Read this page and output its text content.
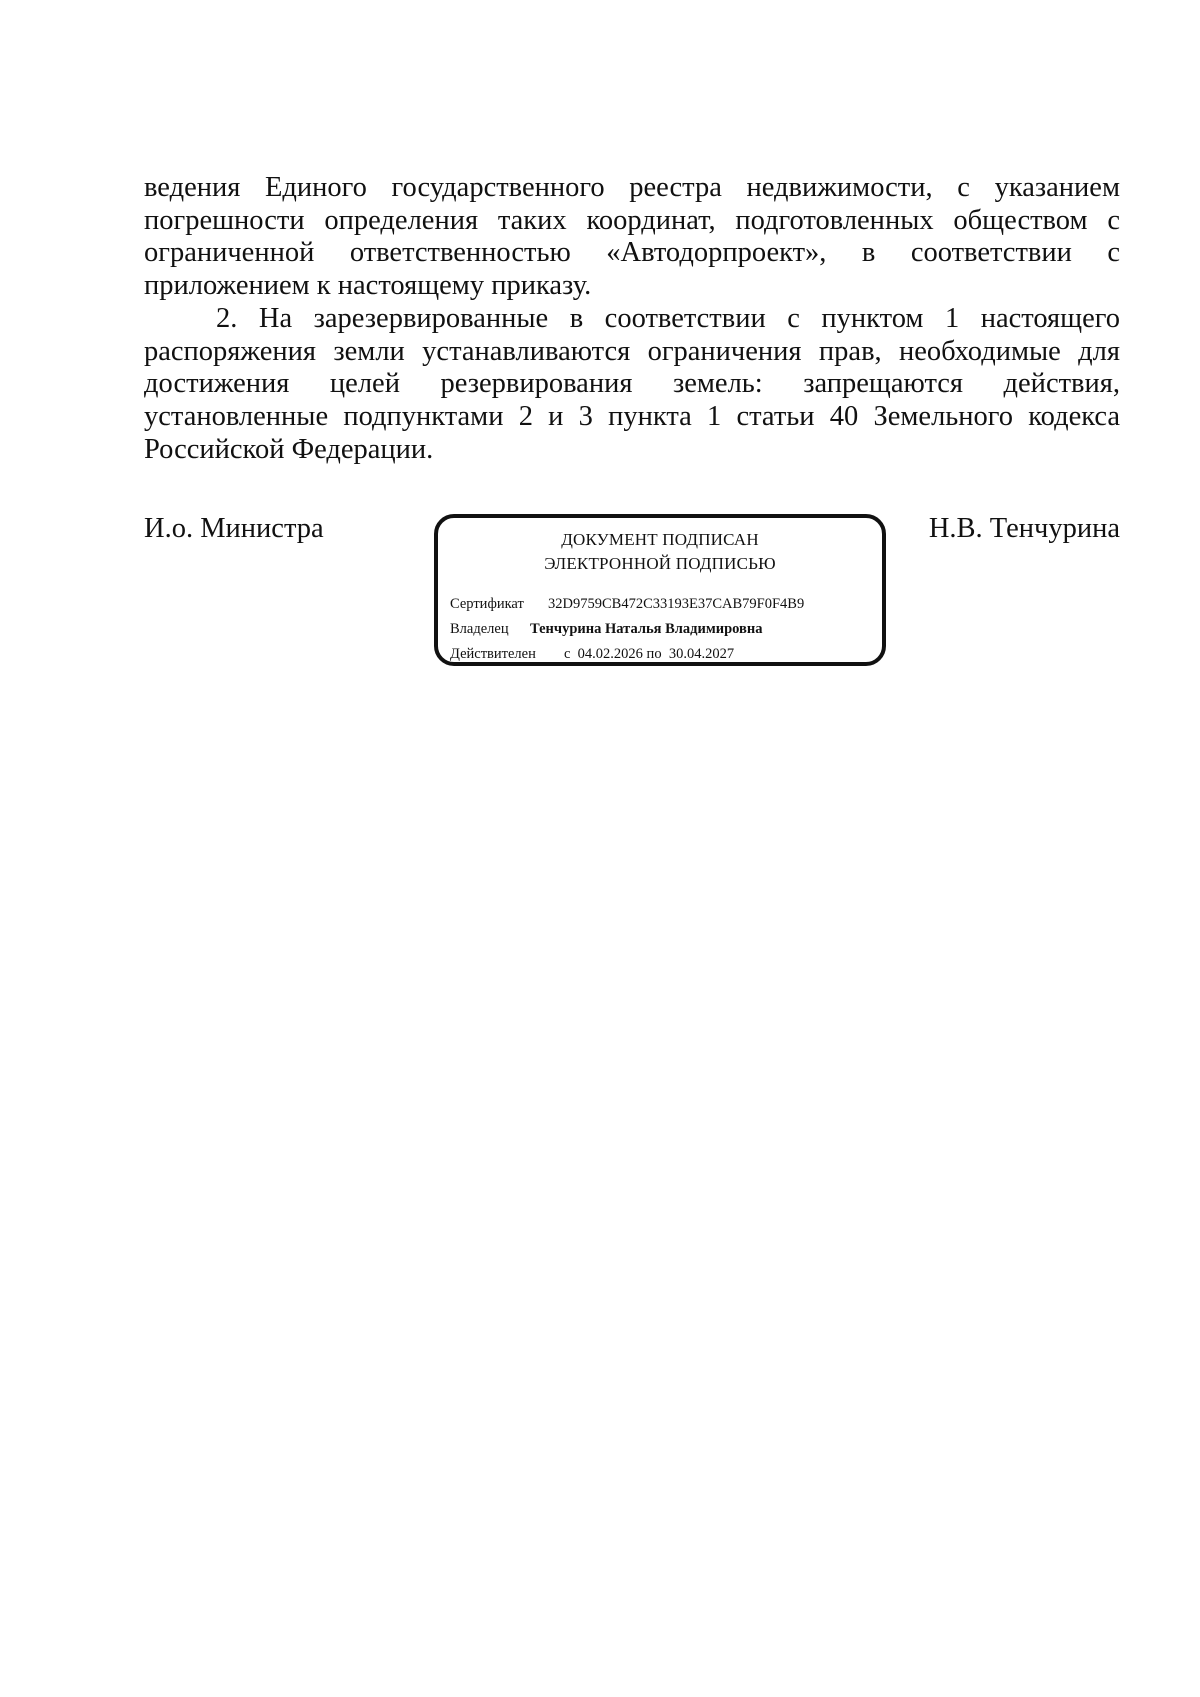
ведения Единого государственного реестра недвижимости, с указанием погрешности определения таких координат, подготовленных обществом с ограниченной ответственностью «Автодорпроект», в соответствии с приложением к настоящему приказу.

2. На зарезервированные в соответствии с пунктом 1 настоящего распоряжения земли устанавливаются ограничения прав, необходимые для достижения целей резервирования земель: запрещаются действия, установленные подпунктами 2 и 3 пункта 1 статьи 40 Земельного кодекса Российской Федерации.

И.о. Министра	ДОКУМЕНТ ПОДПИСАН
ЭЛЕКТРОННОЙ ПОДПИСЬЮ
Сертификат 32D9759CB472C33193E37CAB79F0F4B9
Владелец Тенчурина Наталья Владимировна
Действителен с  04.02.2026 по  30.04.2027
Н.В. Тенчурина
